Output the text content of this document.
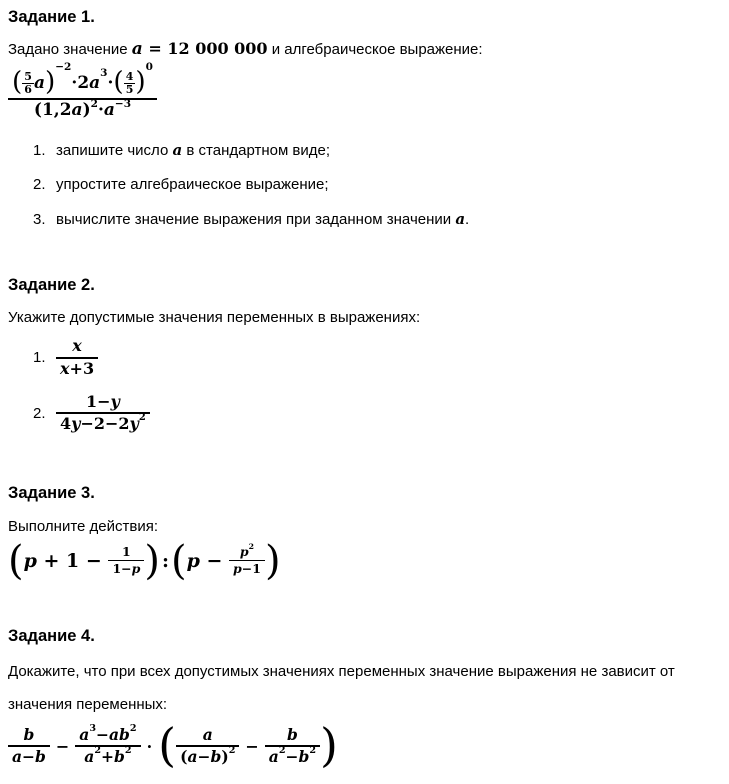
Задание 1.
Задано значение a = 12 000 000 и алгебраическое выражение:
( $\frac{5}{6}$ a ) −2
· 2 a 3 · ( $\frac{4}{5}$ ) 0
(1,2 a ) 2 · a −3
1. запишите число a в стандартном виде;
2. упростите алгебраическое выражение;
3. вычислите значение выражения при заданном значении a.
Задание 2.
Укажите допустимые значения переменных в выражениях:
1. $\frac{x}{x +3}$
2. $\frac{1- y}{4 y -2-2 y 2}$
Задание 3.
Выполните действия:
( $p + 1 - \frac{1}{1- p}$ ) : ( $p - \frac{p 2}{p -1}$ )
Задание 4.
Докажите, что при всех допустимых значениях переменных значение выражения не зависит от значения переменных:
$\frac{b}{a-b} - \frac{a 3 - ab 2}{a 2 + b 2}$ · ( $\frac{a}{( a-b ) 2} - \frac{b}{a 2 - b 2}$ )
